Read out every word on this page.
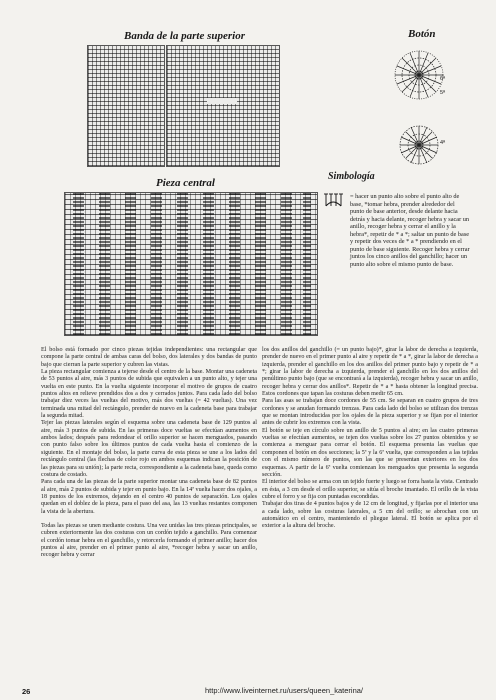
Banda de la parte superior	Botón
6ª
5ª
4ª
Pieza central
Simbología
= hacer un punto alto sobre el punto alto de base, *tomar hebra, prender alrededor del punto de base anterior, desde delante hacia detrás y hacia delante, recoger hebra y sacar un anillo, recoger hebra y cerrar el anillo y la hebra*, repetir de * a *; saltar un punto de base y repetir dos veces de * a * prendiendo en el punto de base siguiente. Recoger hebra y cerrar juntos los cinco anillos del ganchillo; hacer un punto alto sobre el mismo punto de base.

El bolso está formado por cinco piezas tejidas independientes: una rectangular que compone la parte central de ambas caras del bolso, dos laterales y dos bandas de punto bajo que cierran la parte superior y cubren las vistas.

La pieza rectangular comienza a tejerse desde el centro de la base. Montar una cadeneta de 53 puntos al aire, más 3 puntos de subida que equivalen a un punto alto, y tejer una vuelta en este punto. En la vuelta siguiente incorporar el motivo de grupos de cuatro puntos altos en relieve prendidos dos a dos y cerrados juntos. Para cada lado del bolso trabajar diez veces las vueltas del motivo, más dos vueltas (= 42 vueltas). Una vez terminada una mitad del rectángulo, prender de nuevo en la cadeneta base para trabajar la segunda mitad.

Tejer las piezas laterales según el esquema sobre una cadeneta base de 129 puntos al aire, más 3 puntos de subida. En las primeras doce vueltas se efectúan aumentos en ambos lados; después para redondear el orillo superior se hacen menguados, pasando con punto falso sobre los últimos puntos de cada vuelta hasta el comienzo de la siguiente. En el montaje del bolso, la parte curva de esta pieza se une a los lados del rectángulo central (las flechas de color rojo en ambos esquemas indican la posición de las piezas para su unión); la parte recta, correspondiente a la cadeneta base, queda como costura de costado.

Para cada una de las piezas de la parte superior montar una cadeneta base de 82 puntos al aire, más 2 puntos de subida y tejer en punto bajo. En la 14ª vuelta hacer dos ojales, a 18 puntos de los extremos, dejando en el centro 40 puntos de separación. Los ojales quedan en el doblez de la pieza, para el paso del asa, las 13 vueltas restantes componen la vista de la abertura.

Todas las piezas se unen mediante costura. Una vez unidas las tres piezas principales, se cubren exteriormente las dos costuras con un cordón tejido a ganchillo. Para comenzar el cordón tomar hebra en el ganchillo, y retorcerla formando el primer anillo; hacer dos puntos al aire, prender en el primer punto al aire, *recoger hebra y sacar un anillo, recoger hebra y cerrar

los dos anillos del ganchillo (= un punto bajo)*, girar la labor de derecha a izquierda, prender de nuevo en el primer punto al aire y repetir de * a *, girar la labor de derecha a izquierda, prender el ganchillo en los dos anillos del primer punto bajo y repetir de * a *; girar la labor de derecha a izquierda, prender el ganchillo en los dos anillos del penúltimo punto bajo (que se encontrará a la izquierda), recoger hebra y sacar un anillo, recoger hebra y cerrar dos anillos*. Repetir de * a * hasta obtener la longitud precisa. Estos cordones que tapan las costuras deben medir 65 cm.

Para las asas se trabajan doce cordones de 55 cm. Se separan en cuatro grupos de tres cordones y se anudan formando trenzas. Para cada lado del bolso se utilizan dos trenzas que se montan introducidas por los ojales de la pieza superior y se fijan por el interior antes de cubrir los extremos con la vista.

El botón se teje en círculo sobre un anillo de 5 puntos al aire; en las cuatro primeras vueltas se efectúan aumentos, se tejen dos vueltas sobre los 27 puntos obtenidos y se comienza a menguar para cerrar el botón. El esquema presenta las vueltas que componen el botón en dos secciones; la 5ª y la 6ª vuelta, que corresponden a las tejidas con el mismo número de puntos, son las que se presentan exteriores en los dos esquemas. A partir de la 6ª vuelta comienzan los menguados que presenta la segunda sección.

El interior del bolso se arma con un tejido fuerte y luego se forra hasta la vista. Centrado en ésta, a 3 cm desde el orillo superior, se sitúa el broche imantado. El orillo de la vista cubre el forro y se fija con puntadas escondidas.

Trabajar dos tiras de 4 puntos bajos y de 12 cm de longitud, y fijarlas por el interior una a cada lado, sobre las costuras laterales, a 5 cm del orillo; se abrochan con un automático en el centro, manteniendo el pliegue lateral. El botón se aplica por el exterior a la altura del broche.

26	http://www.liveinternet.ru/users/queen_katerina/
